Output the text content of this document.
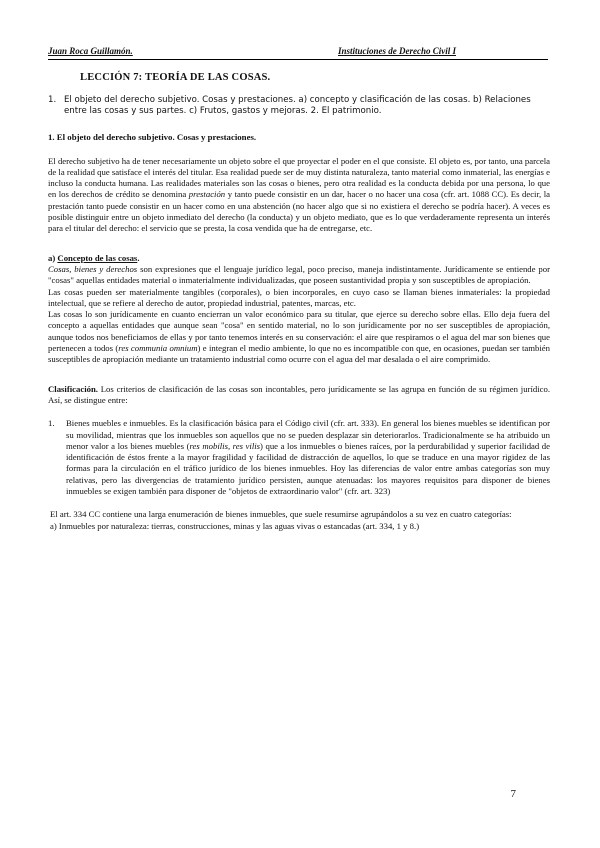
Juan Roca Guillamón.	Instituciones de Derecho Civil I
LECCIÓN 7: TEORÍA DE LAS COSAS.
1. El objeto del derecho subjetivo. Cosas y prestaciones. a) concepto y clasificación de las cosas. b) Relaciones entre las cosas y sus partes. c) Frutos, gastos y mejoras. 2. El patrimonio.
1. El objeto del derecho subjetivo. Cosas y prestaciones.

El derecho subjetivo ha de tener necesariamente un objeto sobre el que proyectar el poder en el que consiste. El objeto es, por tanto, una parcela de la realidad que satisface el interés del titular. Esa realidad puede ser de muy distinta naturaleza, tanto material como inmaterial, las energías e incluso la conducta humana. Las realidades materiales son las cosas o bienes, pero otra realidad es la conducta debida por una persona, lo que en los derechos de crédito se denomina prestación y tanto puede consistir en un dar, hacer o no hacer una cosa (cfr. art. 1088 CC). Es decir, la prestación tanto puede consistir en un hacer como en una abstención (no hacer algo que si no existiera el derecho se podría hacer). A veces es posible distinguir entre un objeto inmediato del derecho (la conducta) y un objeto mediato, que es lo que verdaderamente representa un interés para el titular del derecho: el servicio que se presta, la cosa vendida que ha de entregarse, etc.

a) Concepto de las cosas.

Cosas, bienes y derechos son expresiones que el lenguaje jurídico legal, poco preciso, maneja indistintamente. Jurídicamente se entiende por "cosas" aquellas entidades material o inmaterialmente individualizadas, que poseen sustantividad propia y son susceptibles de apropiación.

Las cosas pueden ser materialmente tangibles (corporales), o bien incorporales, en cuyo caso se llaman bienes inmateriales: la propiedad intelectual, que se refiere al derecho de autor, propiedad industrial, patentes, marcas, etc.

Las cosas lo son jurídicamente en cuanto encierran un valor económico para su titular, que ejerce su derecho sobre ellas. Ello deja fuera del concepto a aquellas entidades que aunque sean "cosa" en sentido material, no lo son jurídicamente por no ser susceptibles de apropiación, aunque todos nos beneficiamos de ellas y por tanto tenemos interés en su conservación: el aire que respiramos o el agua del mar son bienes que pertenecen a todos (res communia omnium) e integran el medio ambiente, lo que no es incompatible con que, en ocasiones, puedan ser también susceptibles de apropiación mediante un tratamiento industrial como ocurre con el agua del mar desalada o el aire comprimido.

Clasificación. Los criterios de clasificación de las cosas son incontables, pero jurídicamente se las agrupa en función de su régimen jurídico. Así, se distingue entre:

1.	Bienes muebles e inmuebles. Es la clasificación básica para el Código civil (cfr. art. 333). En general los bienes muebles se identifican por su movilidad, mientras que los inmuebles son aquellos que no se pueden desplazar sin deteriorarlos. Tradicionalmente se ha atribuido un menor valor a los bienes muebles (res mobilis, res vilis) que a los inmuebles o bienes raíces, por la perdurabilidad y superior facilidad de identificación de éstos frente a la mayor fragilidad y facilidad de distracción de aquellos, lo que se traduce en una mayor rigidez de las formas para la circulación en el tráfico jurídico de los bienes inmuebles. Hoy las diferencias de valor entre ambas categorías son muy relativas, pero las divergencias de tratamiento jurídico persisten, aunque atenuadas: los mayores requisitos para disponer de bienes inmuebles se exigen también para disponer de "objetos de extraordinario valor" (cfr. art. 323)

El art. 334 CC contiene una larga enumeración de bienes inmuebles, que suele resumirse agrupándolos a su vez en cuatro categorías:

a) Inmuebles por naturaleza: tierras, construcciones, minas y las aguas vivas o estancadas (art. 334, 1 y 8.)

7
